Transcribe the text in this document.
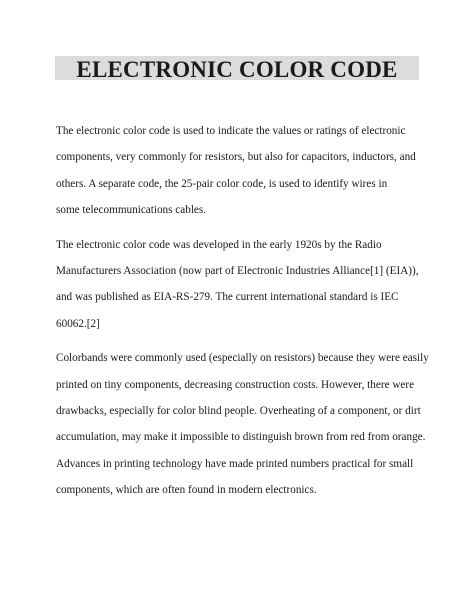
ELECTRONIC COLOR CODE

The electronic color code is used to indicate the values or ratings of electronic
components, very commonly for resistors, but also for capacitors, inductors, and
others. A separate code, the 25-pair color code, is used to identify wires in
some telecommunications cables.

The electronic color code was developed in the early 1920s by the Radio
Manufacturers Association (now part of Electronic Industries Alliance[1] (EIA)),
and was published as EIA-RS-279. The current international standard is IEC
60062.[2]

Colorbands were commonly used (especially on resistors) because they were easily
printed on tiny components, decreasing construction costs. However, there were
drawbacks, especially for color blind people. Overheating of a component, or dirt
accumulation, may make it impossible to distinguish brown from red from orange.
Advances in printing technology have made printed numbers practical for small
components, which are often found in modern electronics.
